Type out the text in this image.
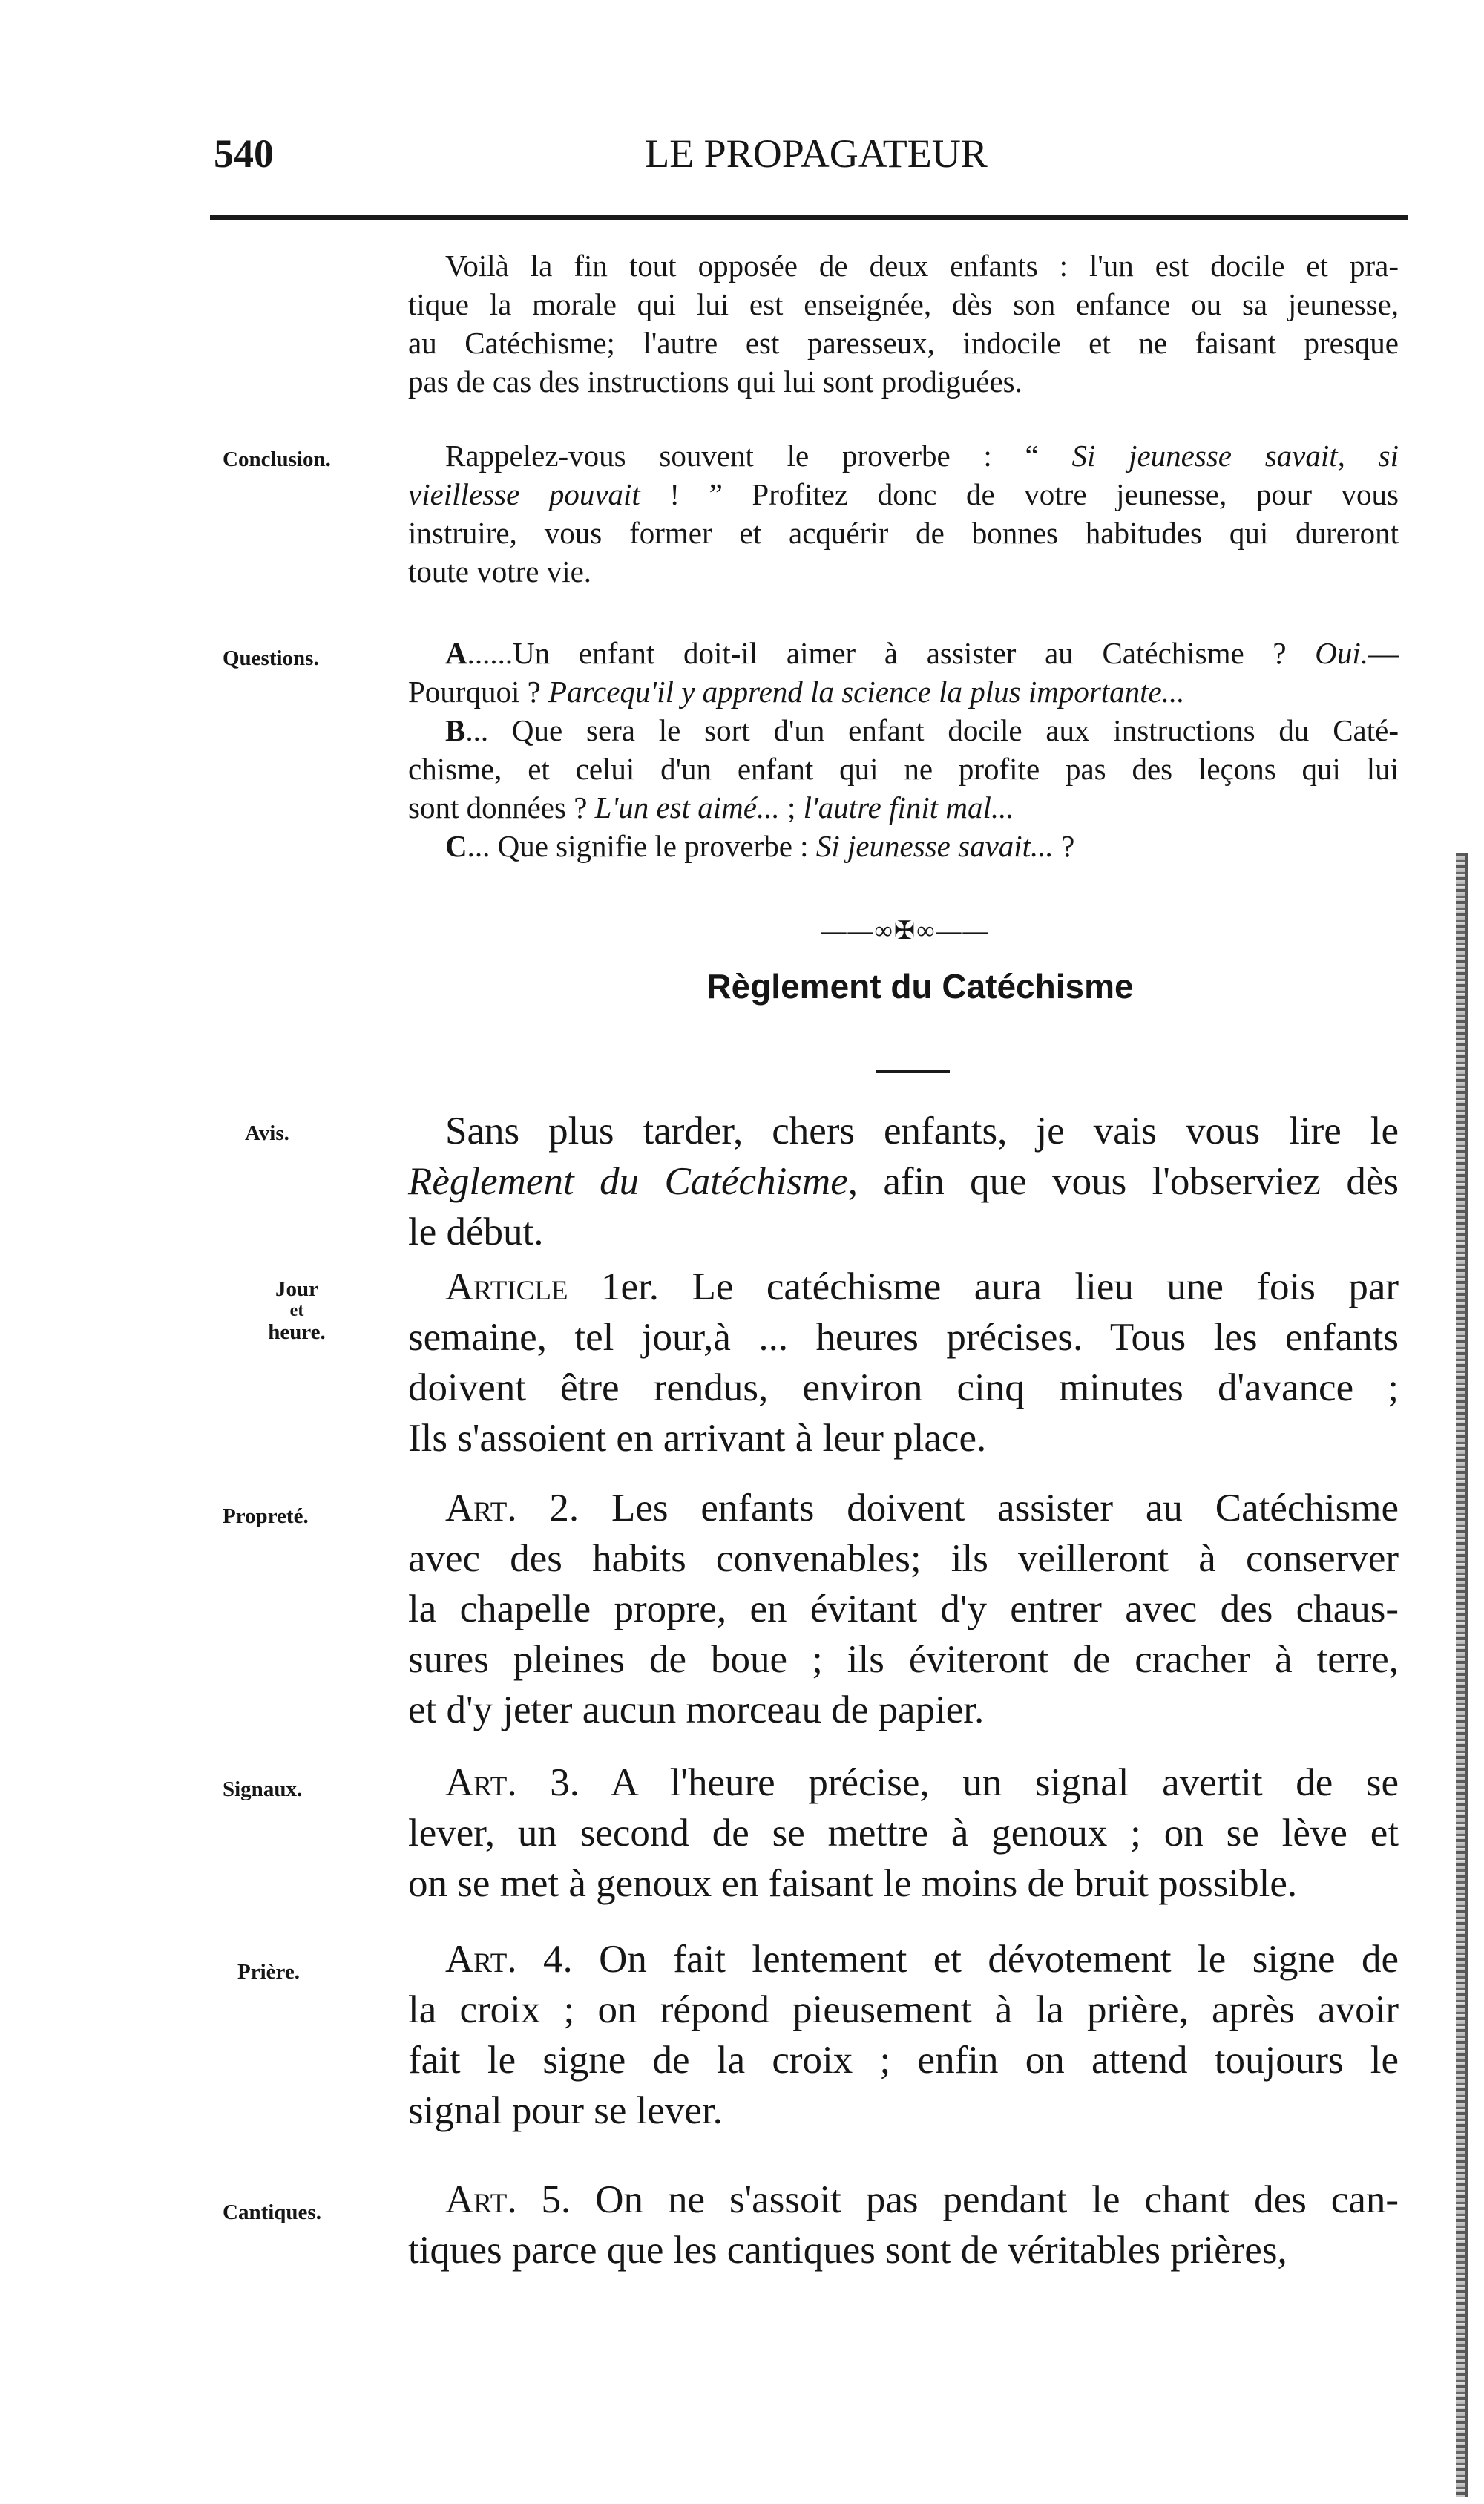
540	LE PROPAGATEUR
Voilà la fin tout opposée de deux enfants : l'un est docile et pra-
tique la morale qui lui est enseignée, dès son enfance ou sa jeunesse,
au Catéchisme; l'autre est paresseux, indocile et ne faisant presque
pas de cas des instructions qui lui sont prodiguées.
Conclusion.	Rappelez-vous souvent le proverbe : “ Si jeunesse savait, si
vieillesse pouvait ! ” Profitez donc de votre jeunesse, pour vous
instruire, vous former et acquérir de bonnes habitudes qui dureront
toute votre vie.
Questions.	A......Un enfant doit-il aimer à assister au Catéchisme ? Oui.—
Pourquoi ? Parcequ'il y apprend la science la plus importante...
B... Que sera le sort d'un enfant docile aux instructions du Caté-
chisme, et celui d'un enfant qui ne profite pas des leçons qui lui
sont données ? L'un est aimé... ; l'autre finit mal...
C... Que signifie le proverbe : Si jeunesse savait... ?
——∞✠∞——
Règlement du Catéchisme
Avis.	Sans plus tarder, chers enfants, je vais vous lire le
Règlement du Catéchisme, afin que vous l'observiez dès
le début.
Jour
et
heure.
Article 1er. Le catéchisme aura lieu une fois par
semaine, tel jour,à ... heures précises. Tous les enfants
doivent être rendus, environ cinq minutes d'avance ;
Ils s'assoient en arrivant à leur place.
Propreté.	Art. 2. Les enfants doivent assister au Catéchisme
avec des habits convenables; ils veilleront à conserver
la chapelle propre, en évitant d'y entrer avec des chaus-
sures pleines de boue ; ils éviteront de cracher à terre,
et d'y jeter aucun morceau de papier.
Signaux.	Art. 3. A l'heure précise, un signal avertit de se
lever, un second de se mettre à genoux ; on se lève et
on se met à genoux en faisant le moins de bruit possible.
Prière.	Art. 4. On fait lentement et dévotement le signe de
la croix ; on répond pieusement à la prière, après avoir
fait le signe de la croix ; enfin on attend toujours le
signal pour se lever.
Cantiques.	Art. 5. On ne s'assoit pas pendant le chant des can-
tiques parce que les cantiques sont de véritables prières,
